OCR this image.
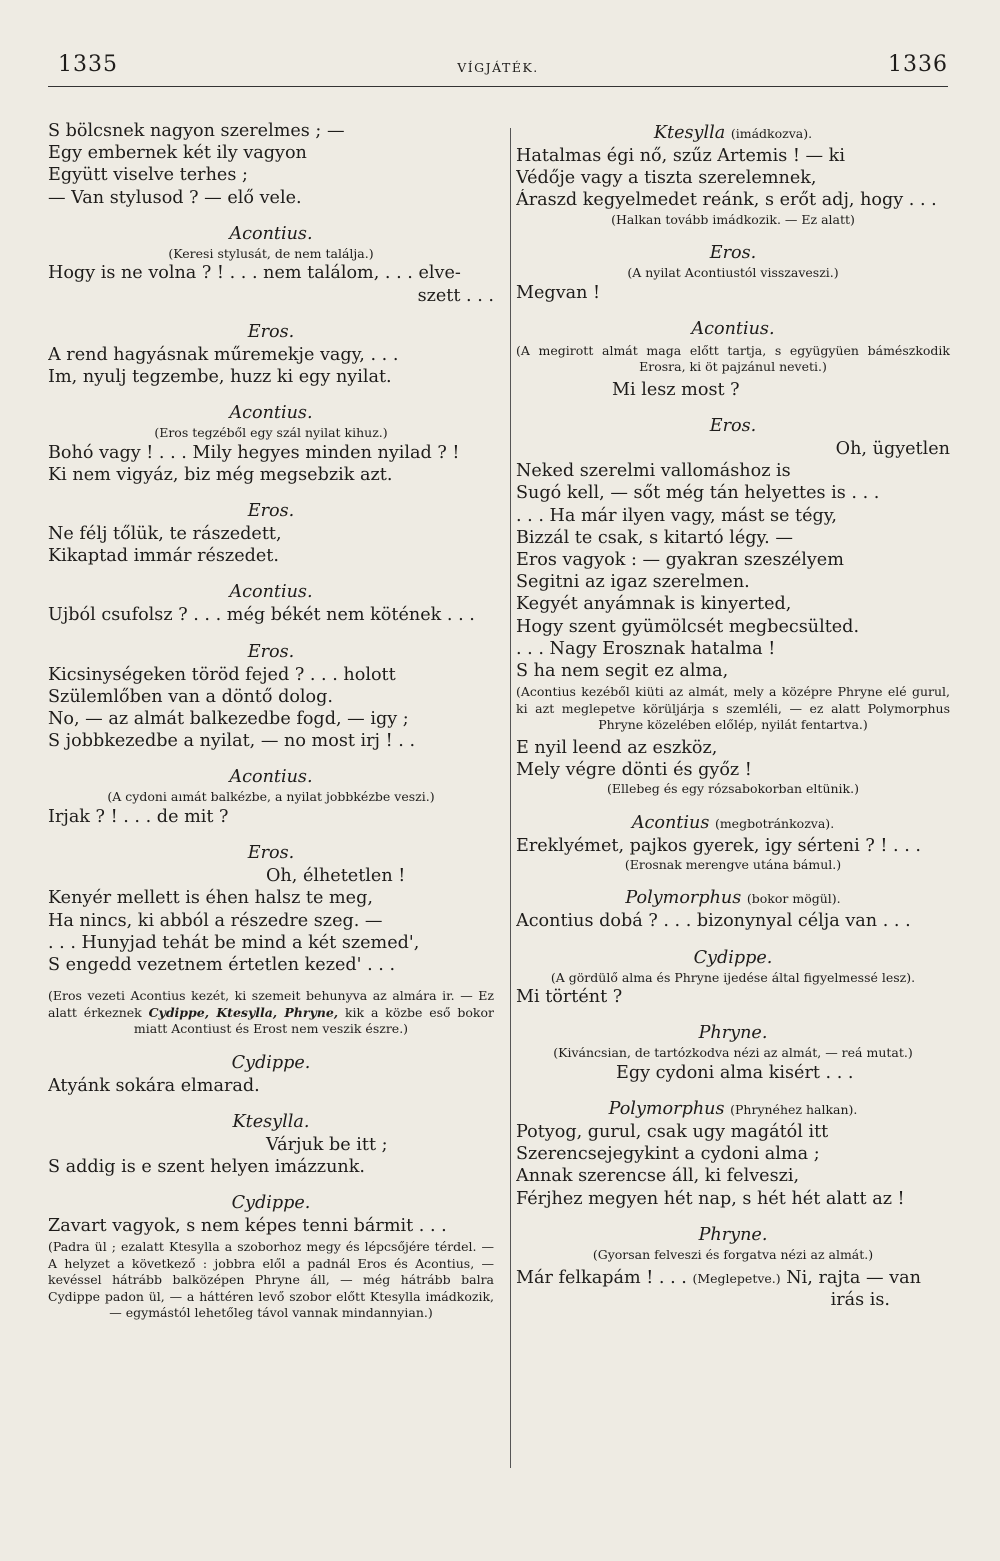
1335	VÍGJÁTÉK.	1336
S bölcsnek nagyon szerelmes ; —
Egy embernek két ily vagyon
Együtt viselve terhes ;
— Van stylusod ? — elő vele.
Acontius.
(Keresi stylusát, de nem találja.)
Hogy is ne volna ? ! . . . nem találom, . . . elve-
szett . . .
Eros.
A rend hagyásnak műremekje vagy, . . .
Im, nyulj tegzembe, huzz ki egy nyilat.
Acontius.
(Eros tegzéből egy szál nyilat kihuz.)
Bohó vagy ! . . . Mily hegyes minden nyilad ? !
Ki nem vigyáz, biz még megsebzik azt.
Eros.
Ne félj tőlük, te rászedett,
Kikaptad immár részedet.
Acontius.
Ujból csufolsz ? . . . még békét nem kötének . . .
Eros.
Kicsinységeken töröd fejed ? . . . holott
Szülemlőben van a döntő dolog.
No, — az almát balkezedbe fogd, — igy ;
S jobbkezedbe a nyilat, — no most irj ! . .
Acontius.
(A cydoni aımát balkézbe, a nyilat jobbkézbe veszi.)
Irjak ? ! . . . de mit ?
Eros.
Oh, élhetetlen !
Kenyér mellett is éhen halsz te meg,
Ha nincs, ki abból a részedre szeg. —
. . . Hunyjad tehát be mind a két szemed',
S engedd vezetnem értetlen kezed' . . .
(Eros vezeti Acontius kezét, ki szemeit behunyva az almára ir. — Ez alatt érkeznek Cydippe, Ktesylla, Phryne, kik a közbe eső bokor miatt Acontiust és Erost nem veszik észre.)
Cydippe.
Atyánk sokára elmarad.
Ktesylla.
Várjuk be itt ;
S addig is e szent helyen imázzunk.
Cydippe.
Zavart vagyok, s nem képes tenni bármit . . .
(Padra ül ; ezalatt Ktesylla a szoborhoz megy és lépcsőjére térdel. — A helyzet a következő : jobbra elől a padnál Eros és Acontius, — kevéssel hátrább balközépen Phryne áll, — még hátrább balra Cydippe padon ül, — a háttéren levő szobor előtt Ktesylla imádkozik, — egymástól lehetőleg távol vannak mindannyian.)
Ktesylla (imádkozva).
Hatalmas égi nő, szűz Artemis ! — ki
Védője vagy a tiszta szerelemnek,
Áraszd kegyelmedet reánk, s erőt adj, hogy . . .
(Halkan tovább imádkozik. — Ez alatt)
Eros.
(A nyilat Acontiustól visszaveszi.)
Megvan !
Acontius.
(A megirott almát maga előtt tartja, s együgyüen bámészkodik Erosra, ki öt pajzánul neveti.)
Mi lesz most ?
Eros.
Oh, ügyetlen
Neked szerelmi vallomáshoz is
Sugó kell, — sőt még tán helyettes is . . .
. . . Ha már ilyen vagy, mást se tégy,
Bizzál te csak, s kitartó légy. —
Eros vagyok : — gyakran szeszélyem
Segitni az igaz szerelmen.
Kegyét anyámnak is kinyerted,
Hogy szent gyümölcsét megbecsülted.
. . . Nagy Erosznak hatalma !
S ha nem segit ez alma,
(Acontius kezéből kiüti az almát, mely a középre Phryne elé gurul, ki azt meglepetve körüljárja s szemléli, — ez alatt Polymorphus Phryne közelében előlép, nyilát fentartva.)
E nyil leend az eszköz,
Mely végre dönti és győz !
(Ellebeg és egy rózsabokorban eltünik.)
Acontius (megbotránkozva).
Ereklyémet, pajkos gyerek, igy sérteni ? ! . . .
(Erosnak merengve utána bámul.)
Polymorphus (bokor mögül).
Acontius dobá ? . . . bizonynyal célja van . . .
Cydippe.
(A gördülő alma és Phryne ijedése által figyelmessé lesz).
Mi történt ?
Phryne.
(Kiváncsian, de tartózkodva nézi az almát, — reá mutat.)
Egy cydoni alma kisért . . .
Polymorphus (Phrynéhez halkan).
Potyog, gurul, csak ugy magától itt
Szerencsejegykint a cydoni alma ;
Annak szerencse áll, ki felveszi,
Férjhez megyen hét nap, s hét hét alatt az !
Phryne.
(Gyorsan felveszi és forgatva nézi az almát.)
Már felkapám ! . . . (Meglepetve.) Ni, rajta — van
irás is.
